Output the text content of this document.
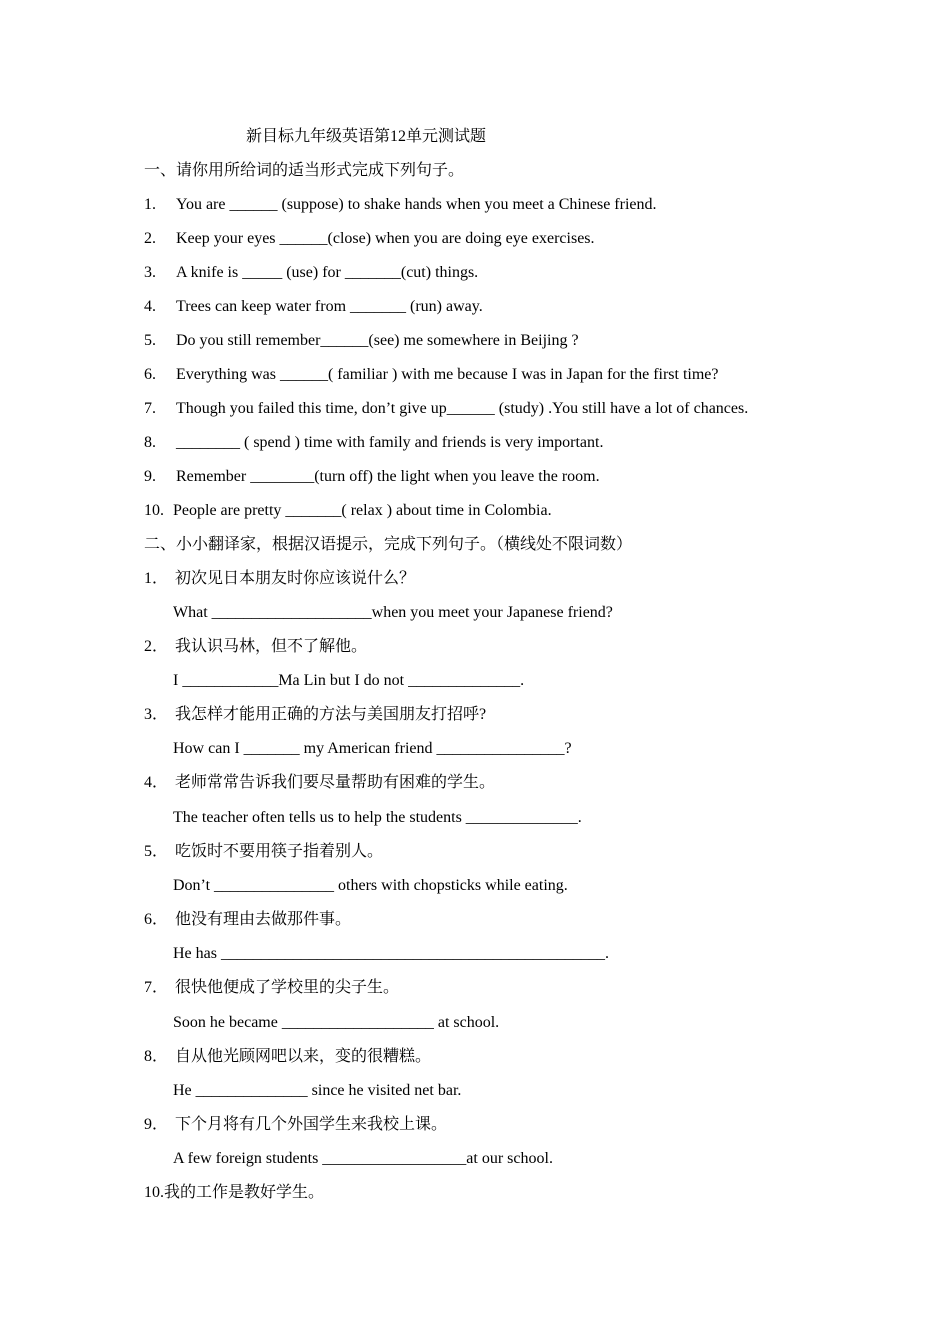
新目标九年级英语第12单元测试题
一、请你用所给词的适当形式完成下列句子。
1. You are ______ (suppose) to shake hands when you meet a Chinese friend.
2. Keep your eyes ______(close) when you are doing eye exercises.
3. A knife is _____ (use) for _______(cut) things.
4. Trees can keep water from _______ (run) away.
5. Do you still remember______(see) me somewhere in Beijing ?
6. Everything was ______( familiar ) with me because I was in Japan for the first time?
7. Though you failed this time, don’t give up______ (study) .You still have a lot of chances.
8. ________ ( spend ) time with family and friends is very important.
9. Remember ________(turn off) the light when you leave the room.
10. People are pretty _______( relax ) about time in Colombia.
二、小小翻译家，根据汉语提示，完成下列句子。（横线处不限词数）
1． 初次见日本朋友时你应该说什么？
What ____________________when you meet your Japanese friend?
2． 我认识马林，但不了解他。
I ____________Ma Lin but I do not ______________.
3． 我怎样才能用正确的方法与美国朋友打招呼?
How can I _______ my American friend ________________?
4． 老师常常告诉我们要尽量帮助有困难的学生。
The teacher often tells us to help the students ______________.
5． 吃饭时不要用筷子指着别人。
Don’t _______________ others with chopsticks while eating.
6． 他没有理由去做那件事。
He has ________________________________________________.
7． 很快他便成了学校里的尖子生。
Soon he became ___________________ at school.
8． 自从他光顾网吧以来，变的很糟糕。
He ______________ since he visited net bar.
9． 下个月将有几个外国学生来我校上课。
A few foreign students __________________at our school.
10.我的工作是教好学生。
